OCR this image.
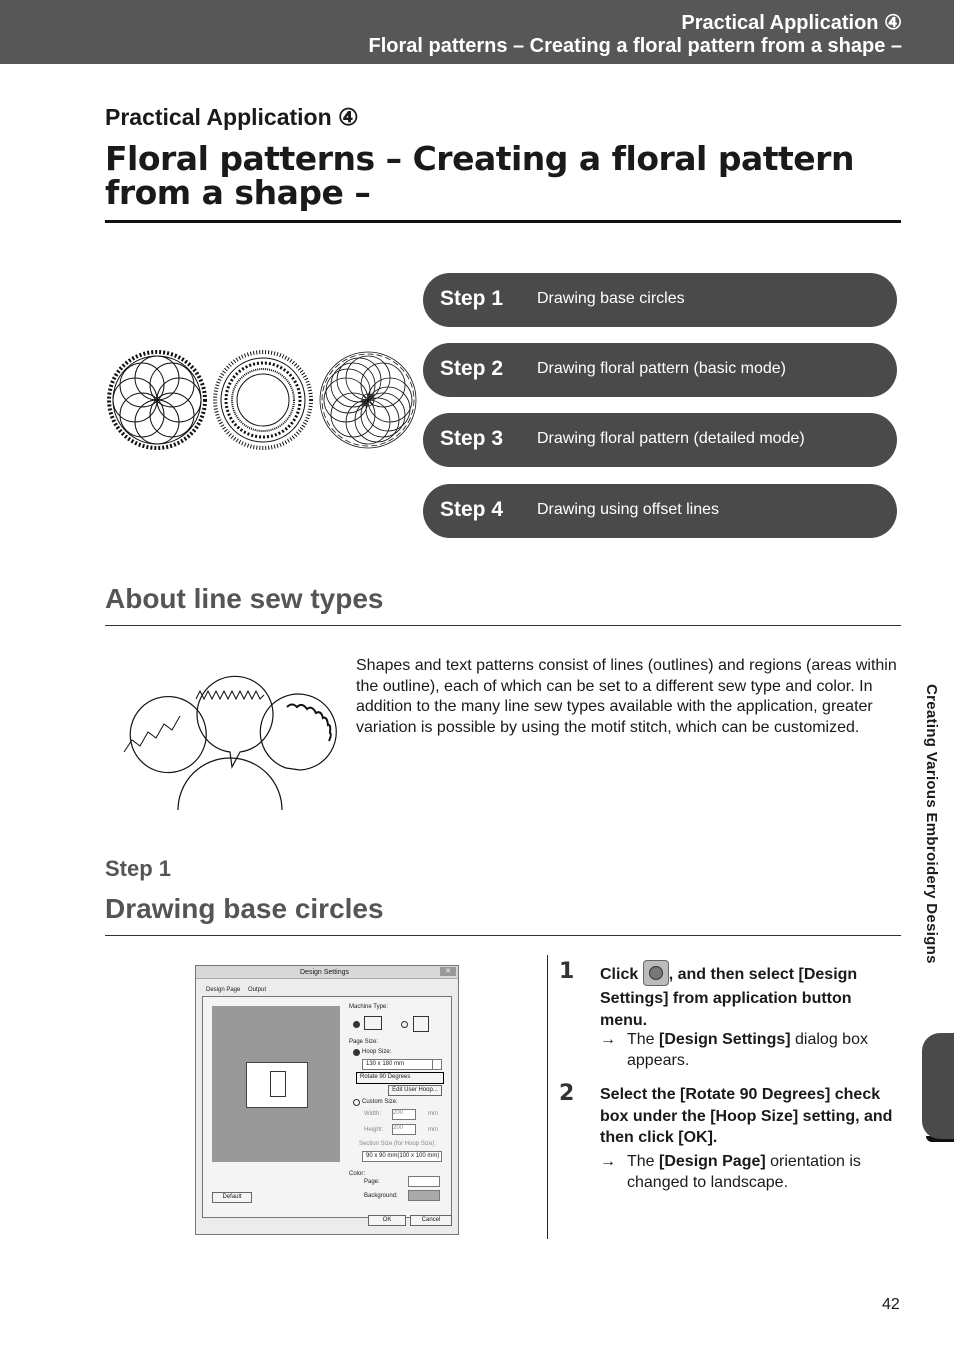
Practical Application ④
Floral patterns – Creating a floral pattern from a shape –
Practical Application ④
Floral patterns – Creating a floral pattern
from a shape –
Step 1 Drawing base circles
Step 2 Drawing floral pattern (basic mode)
Step 3 Drawing floral pattern (detailed mode)
Step 4 Drawing using offset lines
About line sew types
Shapes and text patterns consist of lines (outlines) and regions (areas within the outline), each of which can be set to a different sew type and color. In addition to the many line sew types available with the application, greater variation is possible by using the motif stitch, which can be customized.
Step 1
Drawing base circles
Design Settings	✕
Design Page Output
Machine Type:
Page Size:
Hoop Size:
130 x 180 mm
Rotate 90 Degrees
Edit User Hoop...
Custom Size:
Width: 200	mm
Height: 200	mm
Section Size (for Hoop Size):
90 x 90 mm(100 x 100 mm)
Color:
Page:
Background:
Default
OK	Cancel
1 Click , and then select [Design Settings] from application button menu.
→ The [Design Settings] dialog box appears.
2 Select the [Rotate 90 Degrees] check box under the [Hoop Size] setting, and then click [OK].
→ The [Design Page] orientation is changed to landscape.
Creating Various Embroidery Designs
42
